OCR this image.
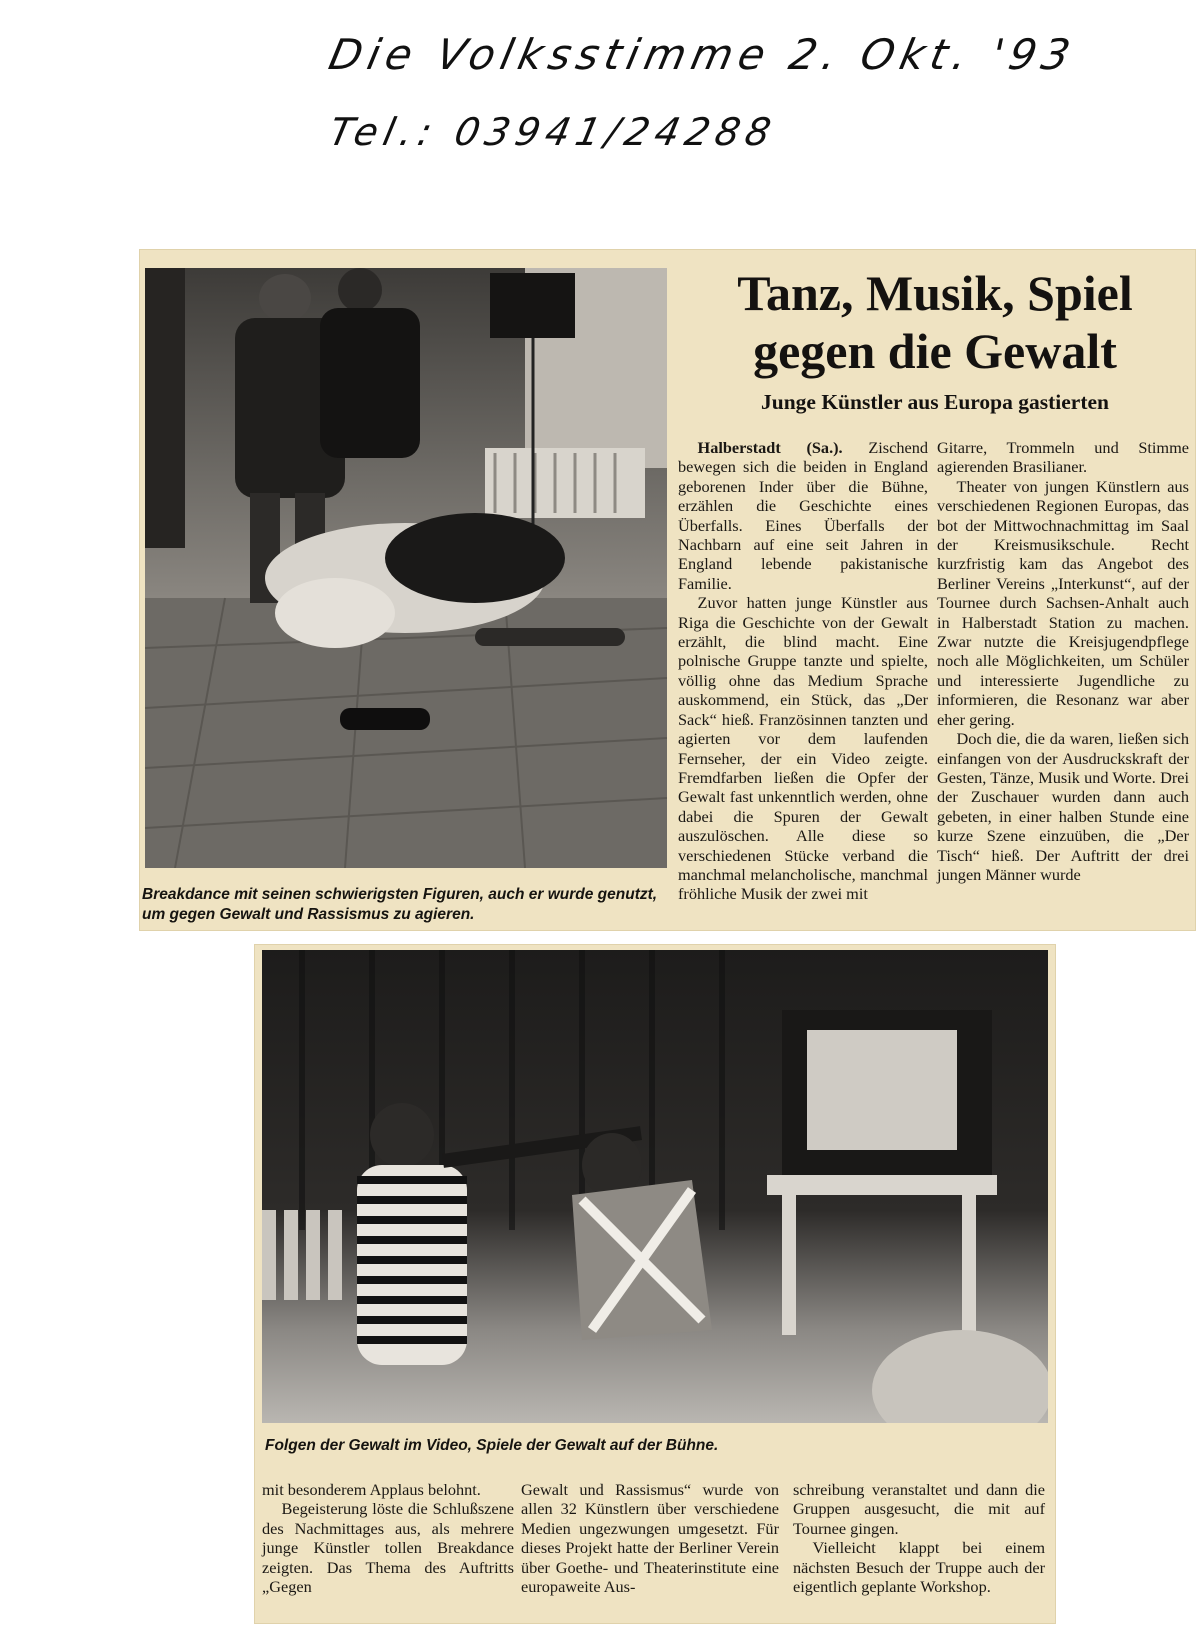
Die Volksstimme 2. Okt. '93
Tel.: 03941/24288
Breakdance mit seinen schwierigsten Figuren, auch er wurde genutzt, um gegen Gewalt und Rassismus zu agieren.
Tanz, Musik, Spiel gegen die Gewalt
Junge Künstler aus Europa gastierten

Halberstadt (Sa.). Zischend bewegen sich die beiden in England geborenen Inder über die Bühne, erzählen die Geschichte eines Überfalls. Eines Überfalls der Nachbarn auf eine seit Jahren in England lebende pakistanische Familie.

Zuvor hatten junge Künstler aus Riga die Geschichte von der Gewalt erzählt, die blind macht. Eine polnische Gruppe tanzte und spielte, völlig ohne das Medium Sprache auskommend, ein Stück, das „Der Sack“ hieß. Französinnen tanzten und agierten vor dem laufenden Fernseher, der ein Video zeigte. Fremdfarben ließen die Opfer der Gewalt fast unkenntlich werden, ohne dabei die Spuren der Gewalt auszulöschen. Alle diese so verschiedenen Stücke verband die manchmal melancholische, manchmal fröhliche Musik der zwei mit

Gitarre, Trommeln und Stimme agierenden Brasilianer.

Theater von jungen Künstlern aus verschiedenen Regionen Europas, das bot der Mittwochnachmittag im Saal der Kreismusikschule. Recht kurzfristig kam das Angebot des Berliner Vereins „Interkunst“, auf der Tournee durch Sachsen-Anhalt auch in Halberstadt Station zu machen. Zwar nutzte die Kreisjugendpflege noch alle Möglichkeiten, um Schüler und interessierte Jugendliche zu informieren, die Resonanz war aber eher gering.

Doch die, die da waren, ließen sich einfangen von der Ausdruckskraft der Gesten, Tänze, Musik und Worte. Drei der Zuschauer wurden dann auch gebeten, in einer halben Stunde eine kurze Szene einzuüben, die „Der Tisch“ hieß. Der Auftritt der drei jungen Männer wurde

Folgen der Gewalt im Video, Spiele der Gewalt auf der Bühne.

mit besonderem Applaus belohnt.

Begeisterung löste die Schlußszene des Nachmittages aus, als mehrere junge Künstler tollen Breakdance zeigten. Das Thema des Auftritts „Gegen

Gewalt und Rassismus“ wurde von allen 32 Künstlern über verschiedene Medien ungezwungen umgesetzt. Für dieses Projekt hatte der Berliner Verein über Goethe- und Theaterinstitute eine europaweite Aus-

schreibung veranstaltet und dann die Gruppen ausgesucht, die mit auf Tournee gingen.

Vielleicht klappt bei einem nächsten Besuch der Truppe auch der eigentlich geplante Workshop.
